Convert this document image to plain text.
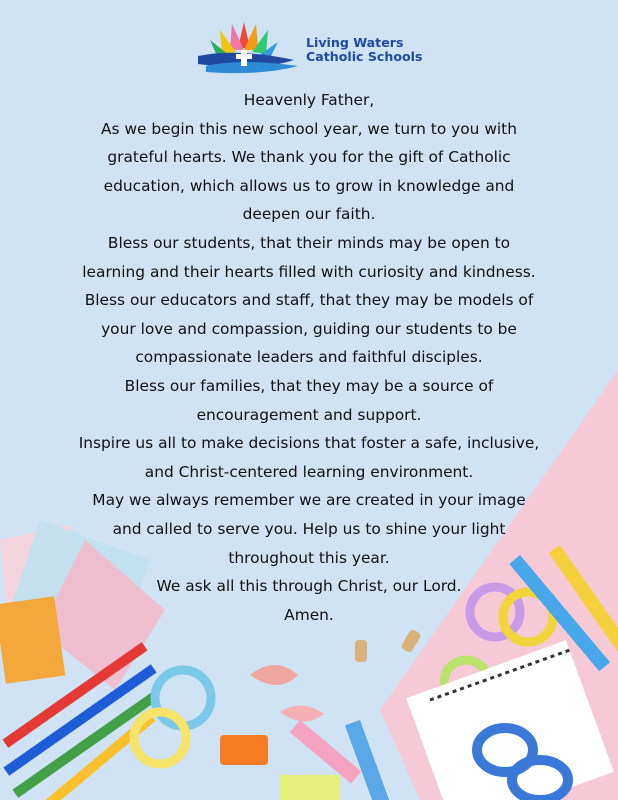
Living Waters
Catholic Schools

Heavenly Father,

As we begin this new school year, we turn to you with

grateful hearts. We thank you for the gift of Catholic

education, which allows us to grow in knowledge and

deepen our faith.

Bless our students, that their minds may be open to

learning and their hearts filled with curiosity and kindness.

Bless our educators and staff, that they may be models of

your love and compassion, guiding our students to be

compassionate leaders and faithful disciples.

Bless our families, that they may be a source of

encouragement and support.

Inspire us all to make decisions that foster a safe, inclusive,

and Christ-centered learning environment.

May we always remember we are created in your image

and called to serve you. Help us to shine your light

throughout this year.

We ask all this through Christ, our Lord.

Amen.
